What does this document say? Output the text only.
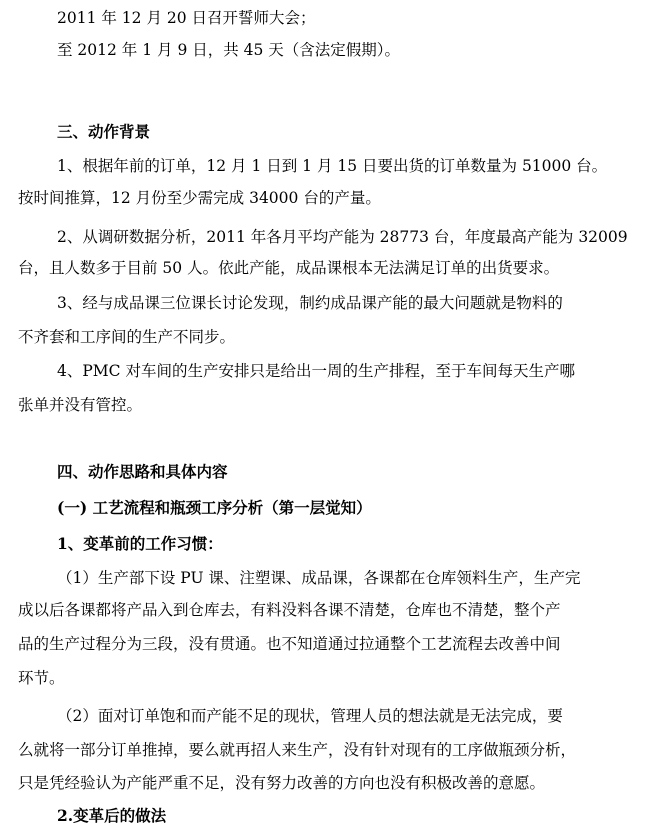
2011 年 12 月 20 日召开誓师大会；
至 2012 年 1 月 9 日，共 45 天（含法定假期）。
三、动作背景
1、根据年前的订单，12 月 1 日到 1 月 15 日要出货的订单数量为 51000 台。
按时间推算，12 月份至少需完成 34000 台的产量。
2、从调研数据分析，2011 年各月平均产能为 28773 台，年度最高产能为 32009
台，且人数多于目前 50 人。依此产能，成品课根本无法满足订单的出货要求。
3、经与成品课三位课长讨论发现，制约成品课产能的最大问题就是物料的
不齐套和工序间的生产不同步。
4、PMC 对车间的生产安排只是给出一周的生产排程，至于车间每天生产哪
张单并没有管控。
四、动作思路和具体内容
(一) 工艺流程和瓶颈工序分析（第一层觉知）
1、变革前的工作习惯：
（1）生产部下设 PU 课、注塑课、成品课，各课都在仓库领料生产，生产完
成以后各课都将产品入到仓库去，有料没料各课不清楚，仓库也不清楚，整个产
品的生产过程分为三段，没有贯通。也不知道通过拉通整个工艺流程去改善中间
环节。
（2）面对订单饱和而产能不足的现状，管理人员的想法就是无法完成，要
么就将一部分订单推掉，要么就再招人来生产，没有针对现有的工序做瓶颈分析，
只是凭经验认为产能严重不足，没有努力改善的方向也没有积极改善的意愿。
2.变革后的做法
